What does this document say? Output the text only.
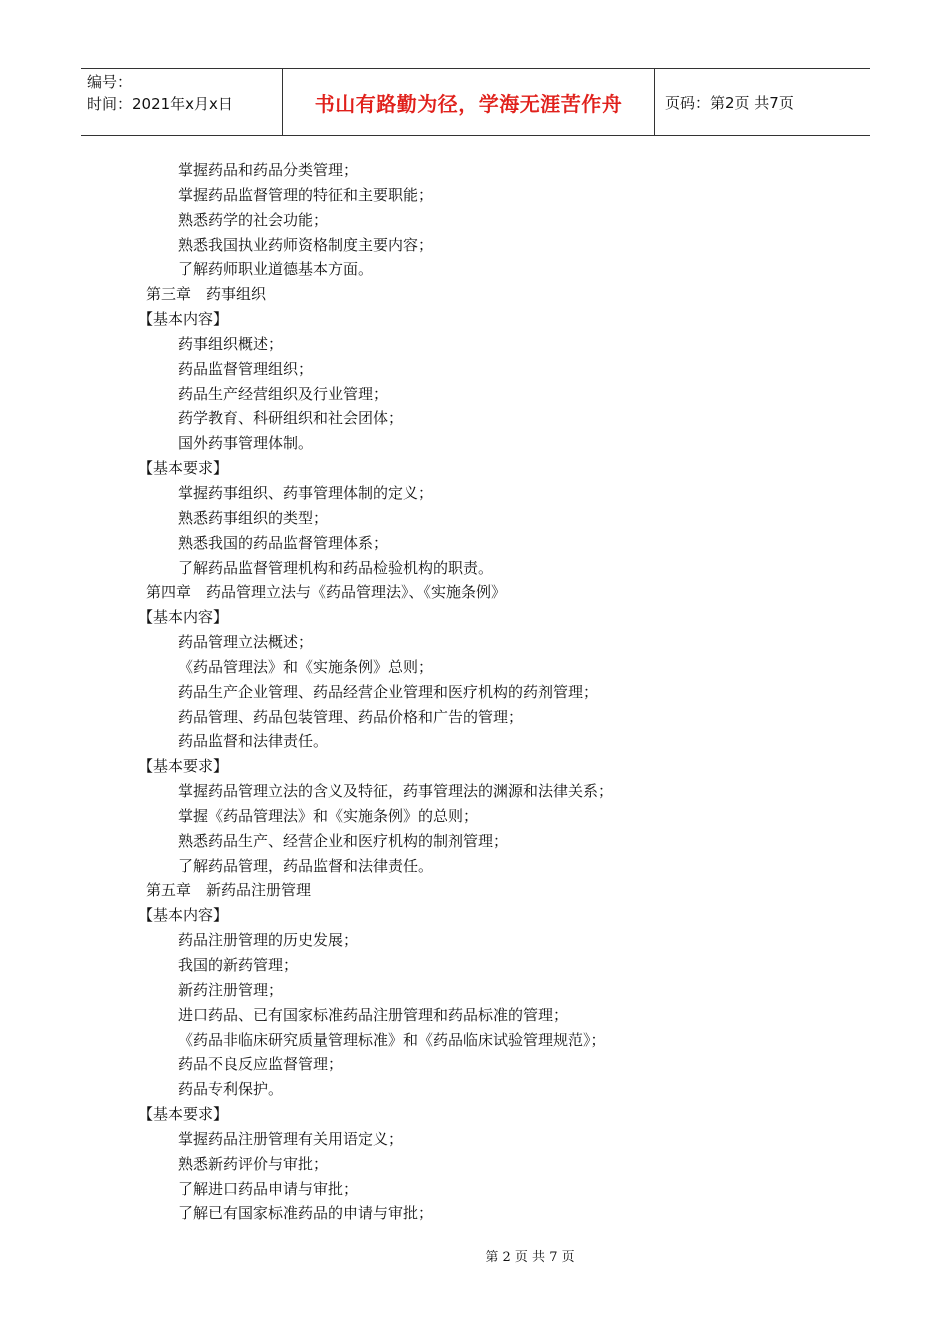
编号：
时间：2021年x月x日	书山有路勤为径，学海无涯苦作舟	页码：第2页 共7页
掌握药品和药品分类管理；
掌握药品监督管理的特征和主要职能；
熟悉药学的社会功能；
熟悉我国执业药师资格制度主要内容；
了解药师职业道德基本方面。
第三章　药事组织
【基本内容】
药事组织概述；
药品监督管理组织；
药品生产经营组织及行业管理；
药学教育、科研组织和社会团体；
国外药事管理体制。
【基本要求】
掌握药事组织、药事管理体制的定义；
熟悉药事组织的类型；
熟悉我国的药品监督管理体系；
了解药品监督管理机构和药品检验机构的职责。
第四章　药品管理立法与《药品管理法》、《实施条例》
【基本内容】
药品管理立法概述；
《药品管理法》和《实施条例》总则；
药品生产企业管理、药品经营企业管理和医疗机构的药剂管理；
药品管理、药品包装管理、药品价格和广告的管理；
药品监督和法律责任。
【基本要求】
掌握药品管理立法的含义及特征，药事管理法的渊源和法律关系；
掌握《药品管理法》和《实施条例》的总则；
熟悉药品生产、经营企业和医疗机构的制剂管理；
了解药品管理，药品监督和法律责任。
第五章　新药品注册管理
【基本内容】
药品注册管理的历史发展；
我国的新药管理；
新药注册管理；
进口药品、已有国家标准药品注册管理和药品标准的管理；
《药品非临床研究质量管理标准》和《药品临床试验管理规范》；
药品不良反应监督管理；
药品专利保护。
【基本要求】
掌握药品注册管理有关用语定义；
熟悉新药评价与审批；
了解进口药品申请与审批；
了解已有国家标准药品的申请与审批；
第 2 页 共 7 页
